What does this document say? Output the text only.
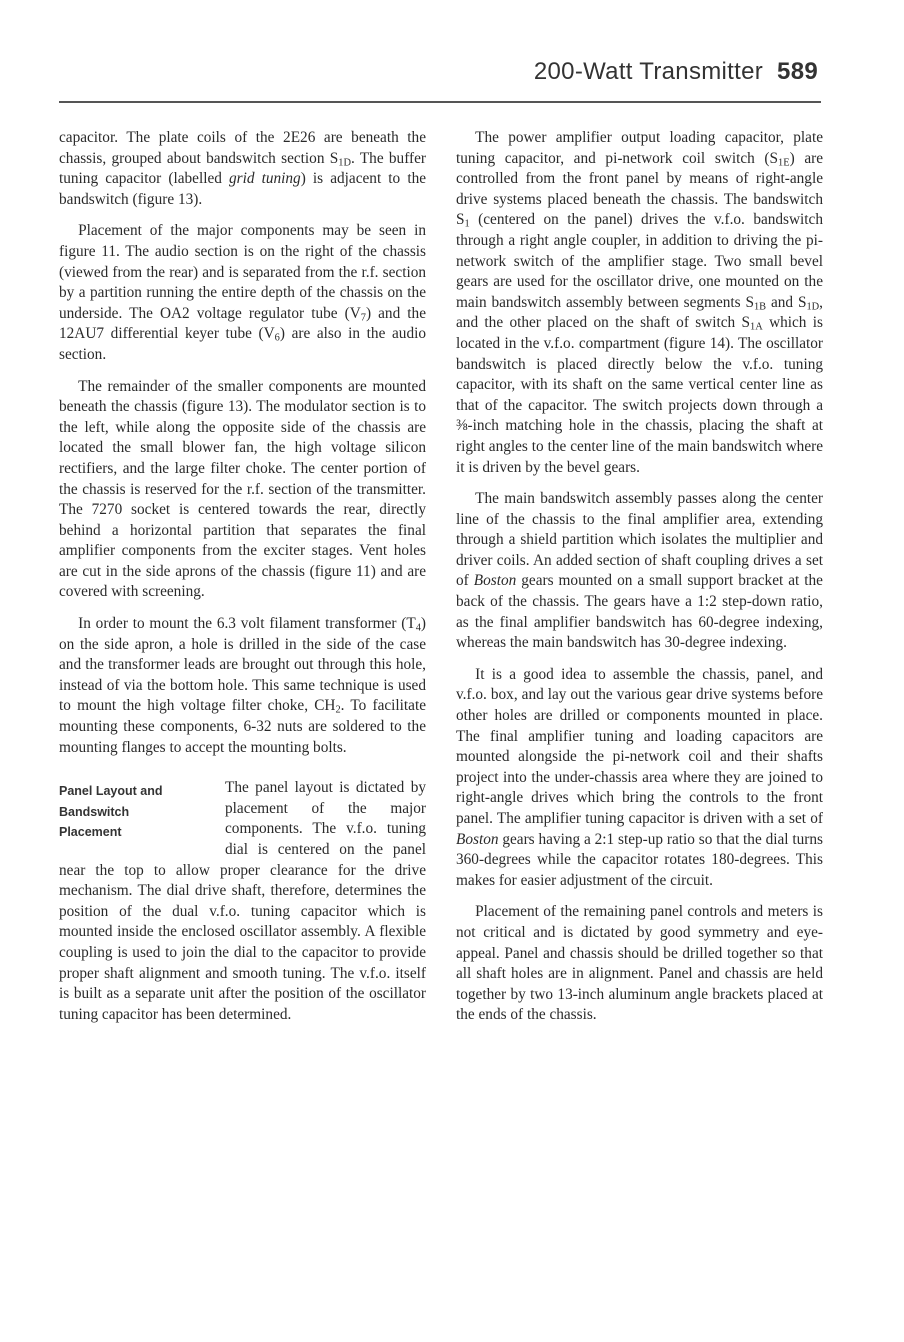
200-Watt Transmitter 589

capacitor. The plate coils of the 2E26 are beneath the chassis, grouped about bandswitch section $S_{1D}$. The buffer tuning capacitor (labelled grid tuning) is adjacent to the bandswitch (figure 13).

Placement of the major components may be seen in figure 11. The audio section is on the right of the chassis (viewed from the rear) and is separated from the r.f. section by a partition running the entire depth of the chassis on the underside. The OA2 voltage regulator tube $(V_7)$ and the 12AU7 differential keyer tube $(V_6)$ are also in the audio section.

The remainder of the smaller components are mounted beneath the chassis (figure 13). The modulator section is to the left, while along the opposite side of the chassis are located the small blower fan, the high voltage silicon rectifiers, and the large filter choke. The center portion of the chassis is reserved for the r.f. section of the transmitter. The 7270 socket is centered towards the rear, directly behind a horizontal partition that separates the final amplifier components from the exciter stages. Vent holes are cut in the side aprons of the chassis (figure 11) and are covered with screening.

In order to mount the 6.3 volt filament transformer $(T_4)$ on the side apron, a hole is drilled in the side of the case and the transformer leads are brought out through this hole, instead of via the bottom hole. This same technique is used to mount the high voltage filter choke, $CH_2$. To facilitate mounting these components, 6-32 nuts are soldered to the mounting flanges to accept the mounting bolts.

Panel Layout and
Bandswitch
Placement

The panel layout is dictated by placement of the major components. The v.f.o. tuning dial is centered on the panel near the top to allow proper clearance for the drive mechanism. The dial drive shaft, therefore, determines the position of the dual v.f.o. tuning capacitor which is mounted inside the enclosed oscillator assembly. A flexible coupling is used to join the dial to the capacitor to provide proper shaft alignment and smooth tuning. The v.f.o. itself is built as a separate unit after the position of the oscillator tuning capacitor has been determined.

The power amplifier output loading capacitor, plate tuning capacitor, and pi-network coil switch $(S_{1E})$ are controlled from the front panel by means of right-angle drive systems placed beneath the chassis. The bandswitch $S_1$ (centered on the panel) drives the v.f.o. bandswitch through a right angle coupler, in addition to driving the pi-network switch of the amplifier stage. Two small bevel gears are used for the oscillator drive, one mounted on the main bandswitch assembly between segments $S_{1B}$ and $S_{1D}$, and the other placed on the shaft of switch $S_{1A}$ which is located in the v.f.o. compartment (figure 14). The oscillator bandswitch is placed directly below the v.f.o. tuning capacitor, with its shaft on the same vertical center line as that of the capacitor. The switch projects down through a ⅜-inch matching hole in the chassis, placing the shaft at right angles to the center line of the main bandswitch where it is driven by the bevel gears.

The main bandswitch assembly passes along the center line of the chassis to the final amplifier area, extending through a shield partition which isolates the multiplier and driver coils. An added section of shaft coupling drives a set of Boston gears mounted on a small support bracket at the back of the chassis. The gears have a 1:2 step-down ratio, as the final amplifier bandswitch has 60-degree indexing, whereas the main bandswitch has 30-degree indexing.

It is a good idea to assemble the chassis, panel, and v.f.o. box, and lay out the various gear drive systems before other holes are drilled or components mounted in place. The final amplifier tuning and loading capacitors are mounted alongside the pi-network coil and their shafts project into the under-chassis area where they are joined to right-angle drives which bring the controls to the front panel. The amplifier tuning capacitor is driven with a set of Boston gears having a 2:1 step-up ratio so that the dial turns 360-degrees while the capacitor rotates 180-degrees. This makes for easier adjustment of the circuit.

Placement of the remaining panel controls and meters is not critical and is dictated by good symmetry and eye-appeal. Panel and chassis should be drilled together so that all shaft holes are in alignment. Panel and chassis are held together by two 13-inch aluminum angle brackets placed at the ends of the chassis.
